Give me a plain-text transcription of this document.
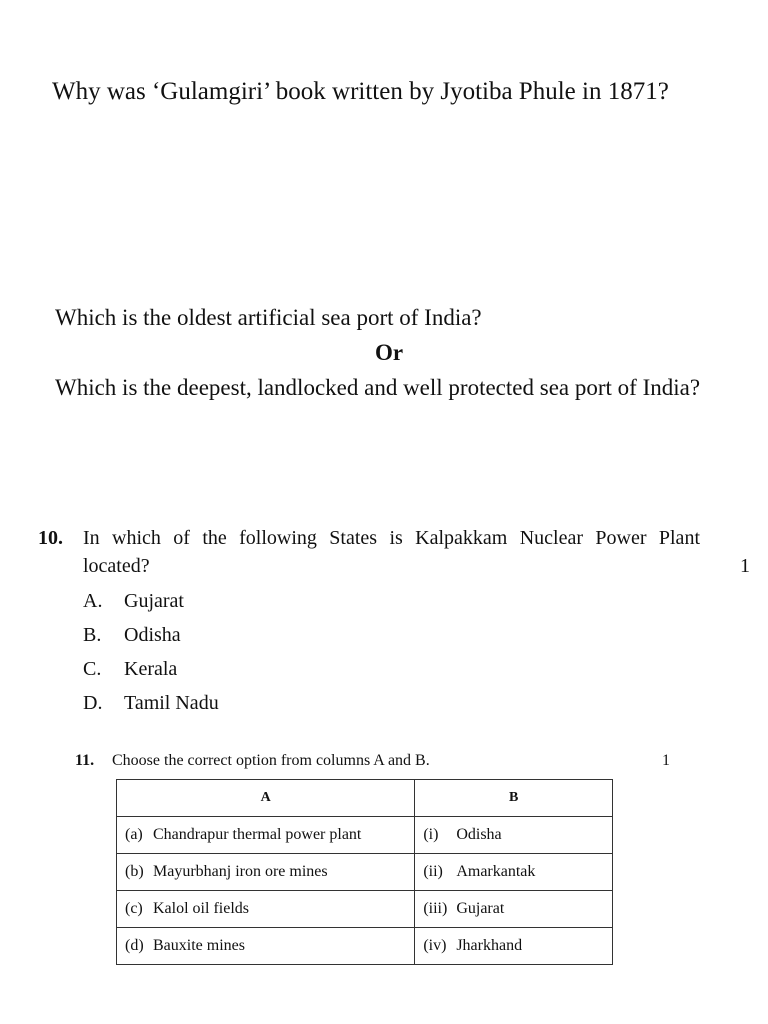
Why was ‘Gulamgiri’ book written by Jyotiba Phule in 1871?
Which is the oldest artificial sea port of India?
Or
Which is the deepest, landlocked and well protected sea port of India?
10. In which of the following States is Kalpakkam Nuclear Power Plant
located?	1
A. Gujarat
B. Odisha
C. Kerala
D. Tamil Nadu
11. Choose the correct option from columns A and B.	1
A	B
(a) Chandrapur thermal power plant	(i) Odisha
(b) Mayurbhanj iron ore mines	(ii) Amarkantak
(c) Kalol oil fields	(iii) Gujarat
(d) Bauxite mines	(iv) Jharkhand
